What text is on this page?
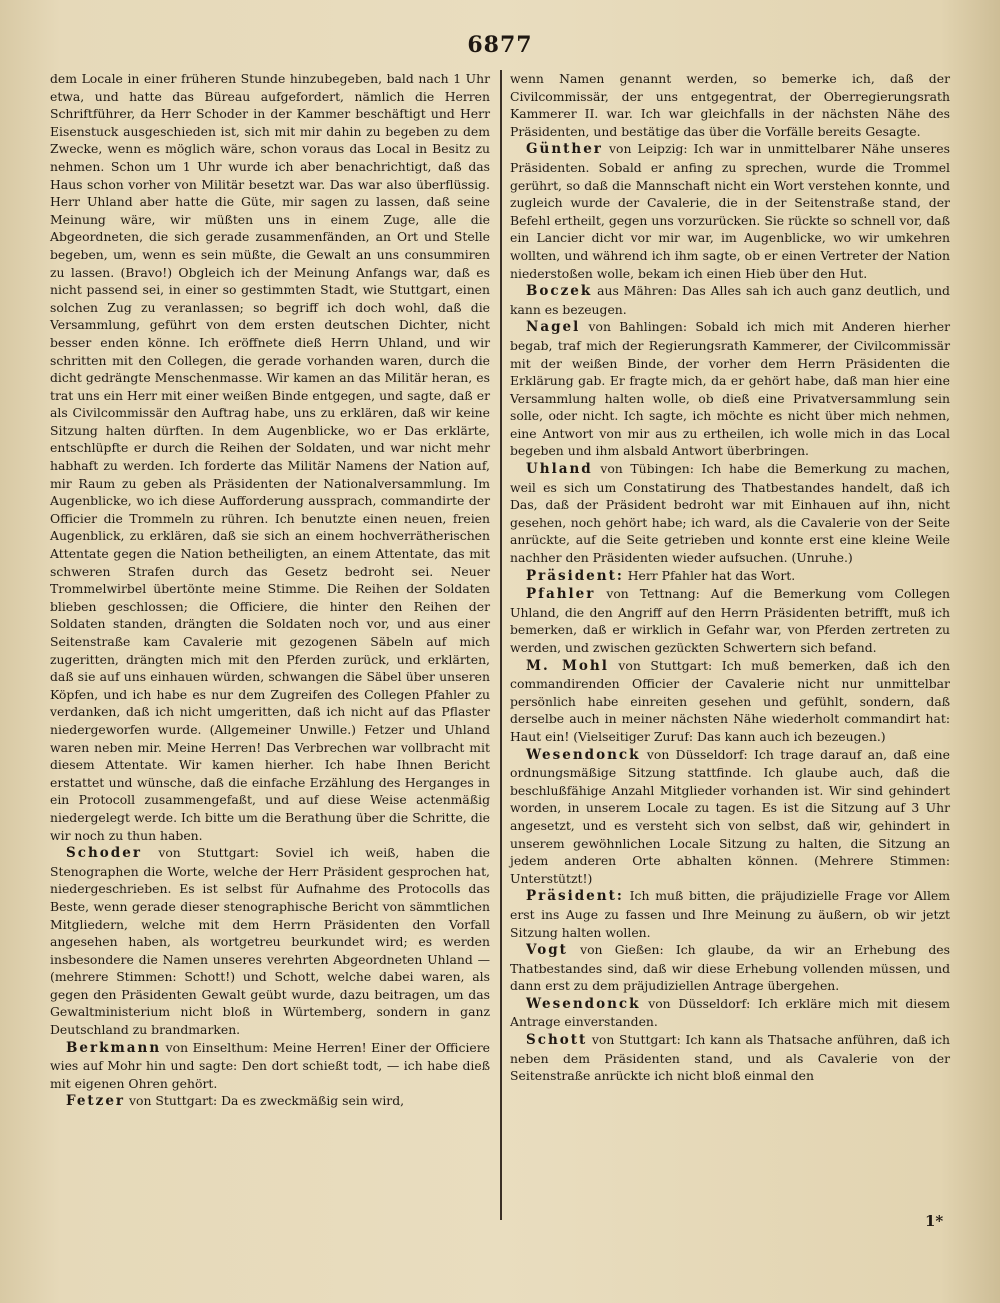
6877

dem Locale in einer früheren Stunde hinzubegeben, bald nach 1 Uhr etwa, und hatte das Büreau aufgefordert, nämlich die Herren Schriftführer, da Herr Schoder in der Kammer beschäftigt und Herr Eisenstuck ausgeschieden ist, sich mit mir dahin zu begeben zu dem Zwecke, wenn es möglich wäre, schon voraus das Local in Besitz zu nehmen. Schon um 1 Uhr wurde ich aber benachrichtigt, daß das Haus schon vorher von Militär besetzt war. Das war also überflüssig. Herr Uhland aber hatte die Güte, mir sagen zu lassen, daß seine Meinung wäre, wir müßten uns in einem Zuge, alle die Abgeordneten, die sich gerade zusammenfänden, an Ort und Stelle begeben, um, wenn es sein müßte, die Gewalt an uns consummiren zu lassen. (Bravo!) Obgleich ich der Meinung Anfangs war, daß es nicht passend sei, in einer so gestimmten Stadt, wie Stuttgart, einen solchen Zug zu veranlassen; so begriff ich doch wohl, daß die Versammlung, geführt von dem ersten deutschen Dichter, nicht besser enden könne. Ich eröffnete dieß Herrn Uhland, und wir schritten mit den Collegen, die gerade vorhanden waren, durch die dicht gedrängte Menschenmasse. Wir kamen an das Militär heran, es trat uns ein Herr mit einer weißen Binde entgegen, und sagte, daß er als Civilcommissär den Auftrag habe, uns zu erklären, daß wir keine Sitzung halten dürften. In dem Augenblicke, wo er Das erklärte, entschlüpfte er durch die Reihen der Soldaten, und war nicht mehr habhaft zu werden. Ich forderte das Militär Namens der Nation auf, mir Raum zu geben als Präsidenten der Nationalversammlung. Im Augenblicke, wo ich diese Aufforderung aussprach, commandirte der Officier die Trommeln zu rühren. Ich benutzte einen neuen, freien Augenblick, zu erklären, daß sie sich an einem hochverrätherischen Attentate gegen die Nation betheiligten, an einem Attentate, das mit schweren Strafen durch das Gesetz bedroht sei. Neuer Trommelwirbel übertönte meine Stimme. Die Reihen der Soldaten blieben geschlossen; die Officiere, die hinter den Reihen der Soldaten standen, drängten die Soldaten noch vor, und aus einer Seitenstraße kam Cavalerie mit gezogenen Säbeln auf mich zugeritten, drängten mich mit den Pferden zurück, und erklärten, daß sie auf uns einhauen würden, schwangen die Säbel über unseren Köpfen, und ich habe es nur dem Zugreifen des Collegen Pfahler zu verdanken, daß ich nicht umgeritten, daß ich nicht auf das Pflaster niedergeworfen wurde. (Allgemeiner Unwille.) Fetzer und Uhland waren neben mir. Meine Herren! Das Verbrechen war vollbracht mit diesem Attentate. Wir kamen hierher. Ich habe Ihnen Bericht erstattet und wünsche, daß die einfache Erzählung des Herganges in ein Protocoll zusammengefaßt, und auf diese Weise actenmäßig niedergelegt werde. Ich bitte um die Berathung über die Schritte, die wir noch zu thun haben.

Schoder von Stuttgart: Soviel ich weiß, haben die Stenographen die Worte, welche der Herr Präsident gesprochen hat, niedergeschrieben. Es ist selbst für Aufnahme des Protocolls das Beste, wenn gerade dieser stenographische Bericht von sämmtlichen Mitgliedern, welche mit dem Herrn Präsidenten den Vorfall angesehen haben, als wortgetreu beurkundet wird; es werden insbesondere die Namen unseres verehrten Abgeordneten Uhland — (mehrere Stimmen: Schott!) und Schott, welche dabei waren, als gegen den Präsidenten Gewalt geübt wurde, dazu beitragen, um das Gewaltministerium nicht bloß in Würtemberg, sondern in ganz Deutschland zu brandmarken.

Berkmann von Einselthum: Meine Herren! Einer der Officiere wies auf Mohr hin und sagte: Den dort schießt todt, — ich habe dieß mit eigenen Ohren gehört.

Fetzer von Stuttgart: Da es zweckmäßig sein wird,

wenn Namen genannt werden, so bemerke ich, daß der Civilcommissär, der uns entgegentrat, der Oberregierungsrath Kammerer II. war. Ich war gleichfalls in der nächsten Nähe des Präsidenten, und bestätige das über die Vorfälle bereits Gesagte.

Günther von Leipzig: Ich war in unmittelbarer Nähe unseres Präsidenten. Sobald er anfing zu sprechen, wurde die Trommel gerührt, so daß die Mannschaft nicht ein Wort verstehen konnte, und zugleich wurde der Cavalerie, die in der Seitenstraße stand, der Befehl ertheilt, gegen uns vorzurücken. Sie rückte so schnell vor, daß ein Lancier dicht vor mir war, im Augenblicke, wo wir umkehren wollten, und während ich ihm sagte, ob er einen Vertreter der Nation niederstoßen wolle, bekam ich einen Hieb über den Hut.

Boczek aus Mähren: Das Alles sah ich auch ganz deutlich, und kann es bezeugen.

Nagel von Bahlingen: Sobald ich mich mit Anderen hierher begab, traf mich der Regierungsrath Kammerer, der Civilcommissär mit der weißen Binde, der vorher dem Herrn Präsidenten die Erklärung gab. Er fragte mich, da er gehört habe, daß man hier eine Versammlung halten wolle, ob dieß eine Privatversammlung sein solle, oder nicht. Ich sagte, ich möchte es nicht über mich nehmen, eine Antwort von mir aus zu ertheilen, ich wolle mich in das Local begeben und ihm alsbald Antwort überbringen.

Uhland von Tübingen: Ich habe die Bemerkung zu machen, weil es sich um Constatirung des Thatbestandes handelt, daß ich Das, daß der Präsident bedroht war mit Einhauen auf ihn, nicht gesehen, noch gehört habe; ich ward, als die Cavalerie von der Seite anrückte, auf die Seite getrieben und konnte erst eine kleine Weile nachher den Präsidenten wieder aufsuchen. (Unruhe.)

Präsident: Herr Pfahler hat das Wort.

Pfahler von Tettnang: Auf die Bemerkung vom Collegen Uhland, die den Angriff auf den Herrn Präsidenten betrifft, muß ich bemerken, daß er wirklich in Gefahr war, von Pferden zertreten zu werden, und zwischen gezückten Schwertern sich befand.

M. Mohl von Stuttgart: Ich muß bemerken, daß ich den commandirenden Officier der Cavalerie nicht nur unmittelbar persönlich habe einreiten gesehen und gefühlt, sondern, daß derselbe auch in meiner nächsten Nähe wiederholt commandirt hat: Haut ein! (Vielseitiger Zuruf: Das kann auch ich bezeugen.)

Wesendonck von Düsseldorf: Ich trage darauf an, daß eine ordnungsmäßige Sitzung stattfinde. Ich glaube auch, daß die beschlußfähige Anzahl Mitglieder vorhanden ist. Wir sind gehindert worden, in unserem Locale zu tagen. Es ist die Sitzung auf 3 Uhr angesetzt, und es versteht sich von selbst, daß wir, gehindert in unserem gewöhnlichen Locale Sitzung zu halten, die Sitzung an jedem anderen Orte abhalten können. (Mehrere Stimmen: Unterstützt!)

Präsident: Ich muß bitten, die präjudizielle Frage vor Allem erst ins Auge zu fassen und Ihre Meinung zu äußern, ob wir jetzt Sitzung halten wollen.

Vogt von Gießen: Ich glaube, da wir an Erhebung des Thatbestandes sind, daß wir diese Erhebung vollenden müssen, und dann erst zu dem präjudiziellen Antrage übergehen.

Wesendonck von Düsseldorf: Ich erkläre mich mit diesem Antrage einverstanden.

Schott von Stuttgart: Ich kann als Thatsache anführen, daß ich neben dem Präsidenten stand, und als Cavalerie von der Seitenstraße anrückte ich nicht bloß einmal den

1*
